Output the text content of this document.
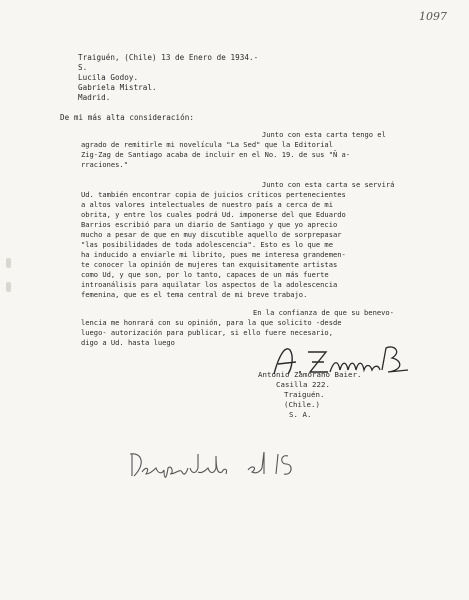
1097
Traiguén, (Chile) 13 de Enero de 1934.-
S.
Lucila Godoy.
Gabriela Mistral.
Madrid.
De mi más alta consideración:
Junto con esta carta tengo el
agrado de remitirle mi novelícula "La Sed" que la Editorial
Zig-Zag de Santiago acaba de incluir en el No. 19. de sus "Ñ a-
rraciones."
Junto con esta carta se servirá
Ud. también encontrar copia de juicios críticos pertenecientes
a altos valores intelectuales de nuestro país a cerca de mi
obrita, y entre los cuales podrá Ud. imponerse del que Eduardo
Barrios escribió para un diario de Santiago y que yo aprecio
mucho a pesar de que en muy discutible aquello de sorprepasar
"las posibilidades de toda adolescencia". Esto es lo que me
ha inducido a enviarle mi librito, pues me interesa grandemen-
te conocer la opinión de mujeres tan exquisitamente artistas
como Ud, y que son, por lo tanto, capaces de un más fuerte
introanálisis para aquilatar los aspectos de la adolescencia
femenina, que es el tema central de mi breve trabajo.
En la confianza de que su benevo-
lencia me honrará con su opinión, para la que solicito -desde
luego- autorización para publicar, si ello fuere necesario,
digo a Ud. hasta luego
Antonio Zamorano Baier.
Casilla 222.
Traiguén.
(Chile.)
S. A.
